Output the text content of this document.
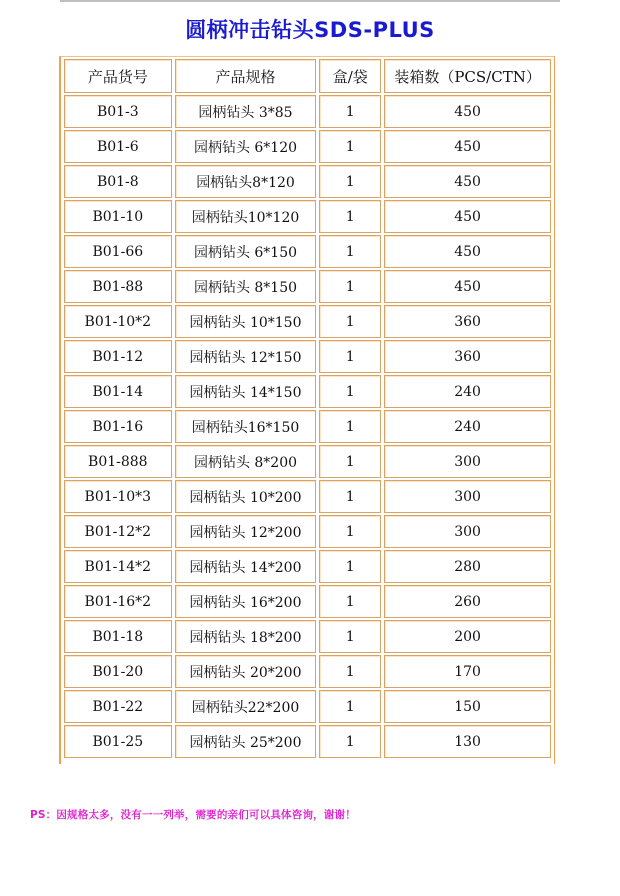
圆柄冲击钻头SDS-PLUS
产品货号	产品规格	盒/袋	装箱数（PCS/CTN）
B01-3	园柄钻头 3*85	1	450
B01-6	园柄钻头 6*120	1	450
B01-8	园柄钻头8*120	1	450
B01-10	园柄钻头10*120	1	450
B01-66	园柄钻头 6*150	1	450
B01-88	园柄钻头 8*150	1	450
B01-10*2	园柄钻头 10*150	1	360
B01-12	园柄钻头 12*150	1	360
B01-14	园柄钻头 14*150	1	240
B01-16	园柄钻头16*150	1	240
B01-888	园柄钻头 8*200	1	300
B01-10*3	园柄钻头 10*200	1	300
B01-12*2	园柄钻头 12*200	1	300
B01-14*2	园柄钻头 14*200	1	280
B01-16*2	园柄钻头 16*200	1	260
B01-18	园柄钻头 18*200	1	200
B01-20	园柄钻头 20*200	1	170
B01-22	园柄钻头22*200	1	150
B01-25	园柄钻头 25*200	1	130
PS：因规格太多，没有一一列举，需要的亲们可以具体咨询，谢谢！
